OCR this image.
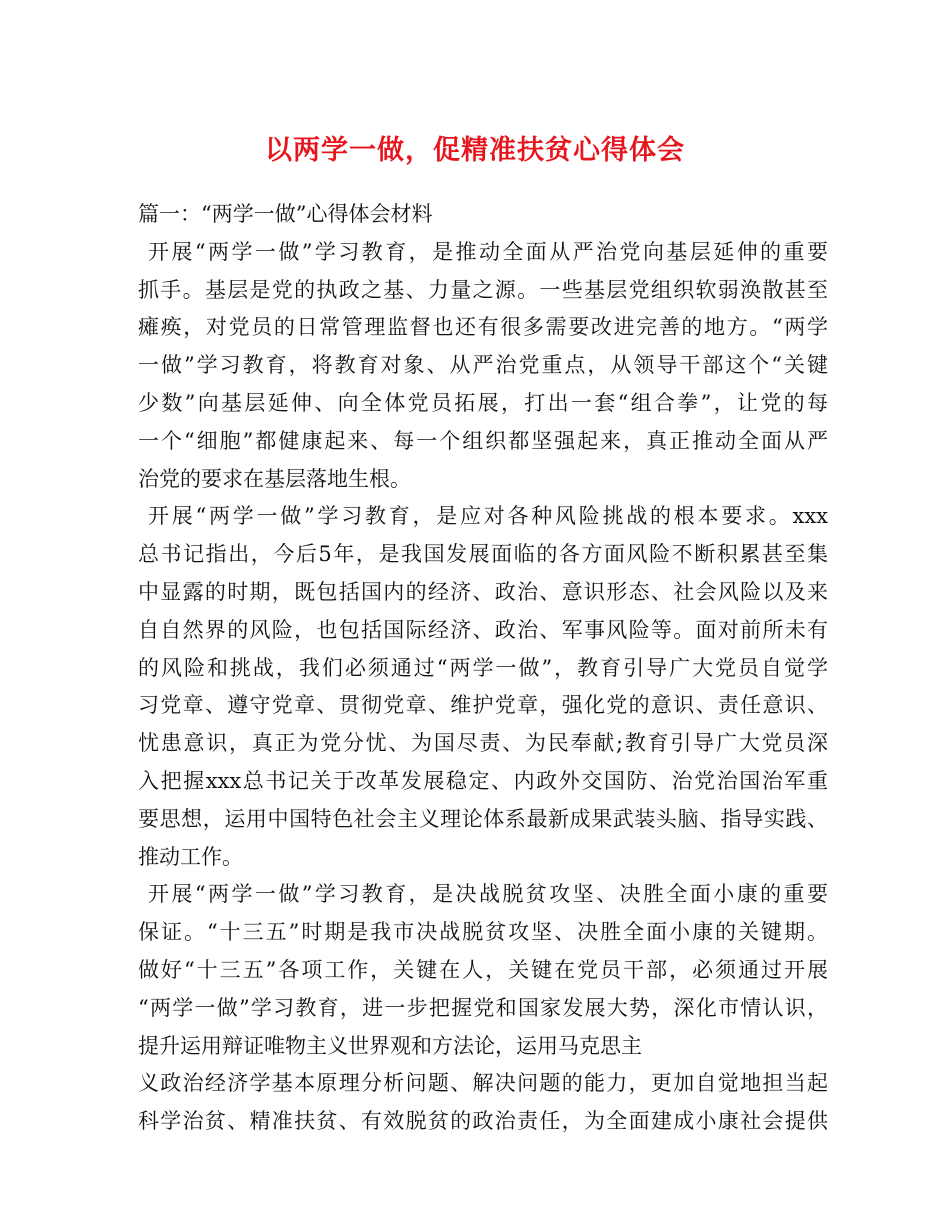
以两学一做，促精准扶贫心得体会
篇一：“两学一做”心得体会材料
开展“两学一做”学习教育，是推动全面从严治党向基层延伸的重要
抓手。基层是党的执政之基、力量之源。一些基层党组织软弱涣散甚至
瘫痪，对党员的日常管理监督也还有很多需要改进完善的地方。“两学
一做”学习教育，将教育对象、从严治党重点，从领导干部这个“关键
少数”向基层延伸、向全体党员拓展，打出一套“组合拳”，让党的每
一个“细胞”都健康起来、每一个组织都坚强起来，真正推动全面从严
治党的要求在基层落地生根。
开展“两学一做”学习教育，是应对各种风险挑战的根本要求。xxx
总书记指出，今后5年，是我国发展面临的各方面风险不断积累甚至集
中显露的时期，既包括国内的经济、政治、意识形态、社会风险以及来
自自然界的风险，也包括国际经济、政治、军事风险等。面对前所未有
的风险和挑战，我们必须通过“两学一做”，教育引导广大党员自觉学
习党章、遵守党章、贯彻党章、维护党章，强化党的意识、责任意识、
忧患意识，真正为党分忧、为国尽责、为民奉献;教育引导广大党员深
入把握xxx总书记关于改革发展稳定、内政外交国防、治党治国治军重
要思想，运用中国特色社会主义理论体系最新成果武装头脑、指导实践、
推动工作。
开展“两学一做”学习教育，是决战脱贫攻坚、决胜全面小康的重要
保证。“十三五”时期是我市决战脱贫攻坚、决胜全面小康的关键期。
做好“十三五”各项工作，关键在人，关键在党员干部，必须通过开展
“两学一做”学习教育，进一步把握党和国家发展大势，深化市情认识，
提升运用辩证唯物主义世界观和方法论，运用马克思主
义政治经济学基本原理分析问题、解决问题的能力，更加自觉地担当起
科学治贫、精准扶贫、有效脱贫的政治责任，为全面建成小康社会提供
